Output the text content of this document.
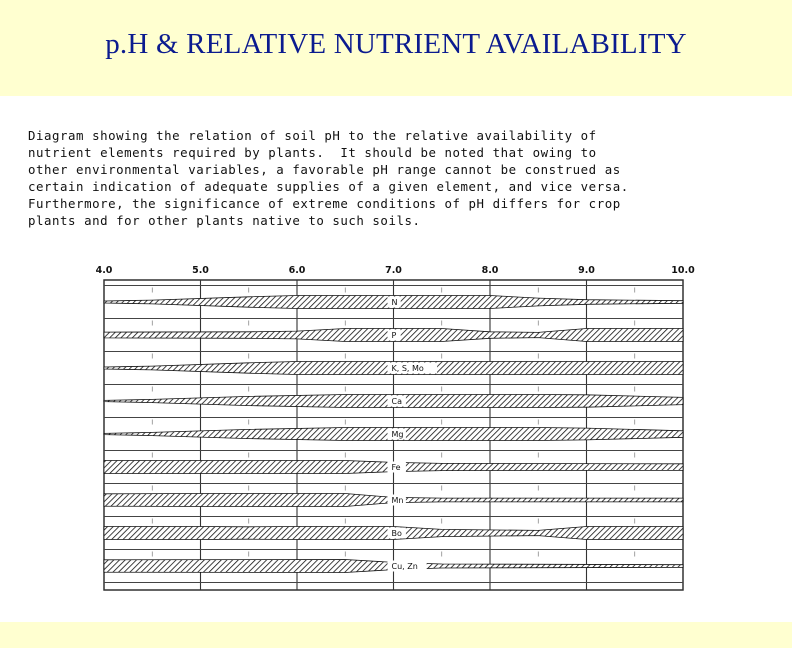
p.H & RELATIVE NUTRIENT AVAILABILITY
Diagram showing the relation of soil pH to the relative availability of
nutrient elements required by plants.  It should be noted that owing to
other environmental variables, a favorable pH range cannot be construed as
certain indication of adequate supplies of a given element, and vice versa.
Furthermore, the significance of extreme conditions of pH differs for crop
plants and for other plants native to such soils.
4.0	5.0	6.0	7.0	8.0	9.0	10.0
N
P
K, S, Mo
Ca
Mg
Fe
Mn
Bo
Cu, Zn
